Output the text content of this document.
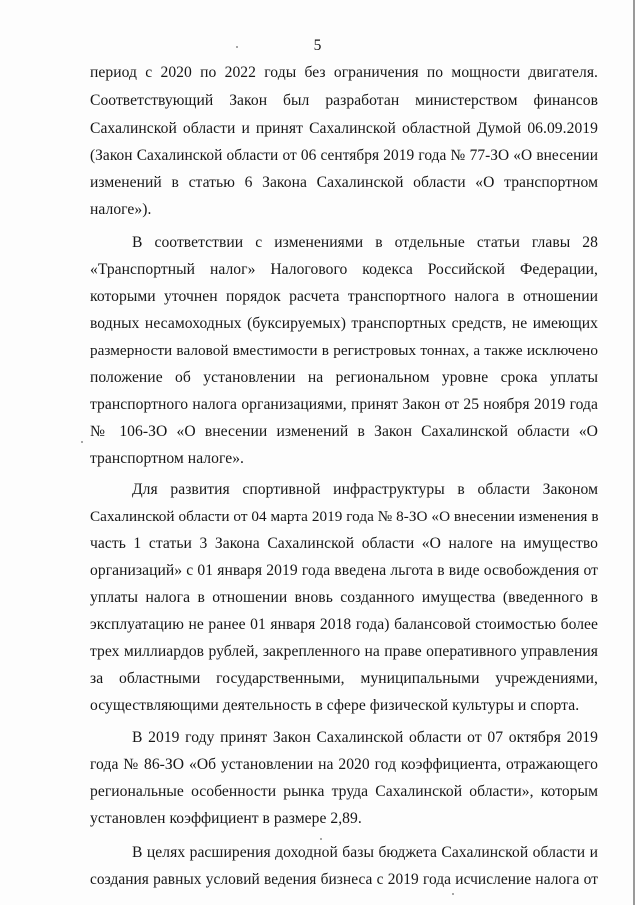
5
период с 2020 по 2022 годы без ограничения по мощности двигателя.
Соответствующий Закон был разработан министерством финансов
Сахалинской области и принят Сахалинской областной Думой 06.09.2019
(Закон Сахалинской области от 06 сентября 2019 года № 77-ЗО «О внесении
изменений в статью 6 Закона Сахалинской области «О транспортном
налоге»).
В соответствии с изменениями в отдельные статьи главы 28
«Транспортный налог» Налогового кодекса Российской Федерации,
которыми уточнен порядок расчета транспортного налога в отношении
водных несамоходных (буксируемых) транспортных средств, не имеющих
размерности валовой вместимости в регистровых тоннах, а также исключено
положение об установлении на региональном уровне срока уплаты
транспортного налога организациями, принят Закон от 25 ноября 2019 года
№ 106-ЗО «О внесении изменений в Закон Сахалинской области «О
транспортном налоге».
Для развития спортивной инфраструктуры в области Законом
Сахалинской области от 04 марта 2019 года № 8-ЗО «О внесении изменения в
часть 1 статьи 3 Закона Сахалинской области «О налоге на имущество
организаций» с 01 января 2019 года введена льгота в виде освобождения от
уплаты налога в отношении вновь созданного имущества (введенного в
эксплуатацию не ранее 01 января 2018 года) балансовой стоимостью более
трех миллиардов рублей, закрепленного на праве оперативного управления
за областными государственными, муниципальными учреждениями,
осуществляющими деятельность в сфере физической культуры и спорта.
В 2019 году принят Закон Сахалинской области от 07 октября 2019
года № 86-ЗО «Об установлении на 2020 год коэффициента, отражающего
региональные особенности рынка труда Сахалинской области», которым
установлен коэффициент в размере 2,89.
В целях расширения доходной базы бюджета Сахалинской области и
создания равных условий ведения бизнеса с 2019 года исчисление налога от
